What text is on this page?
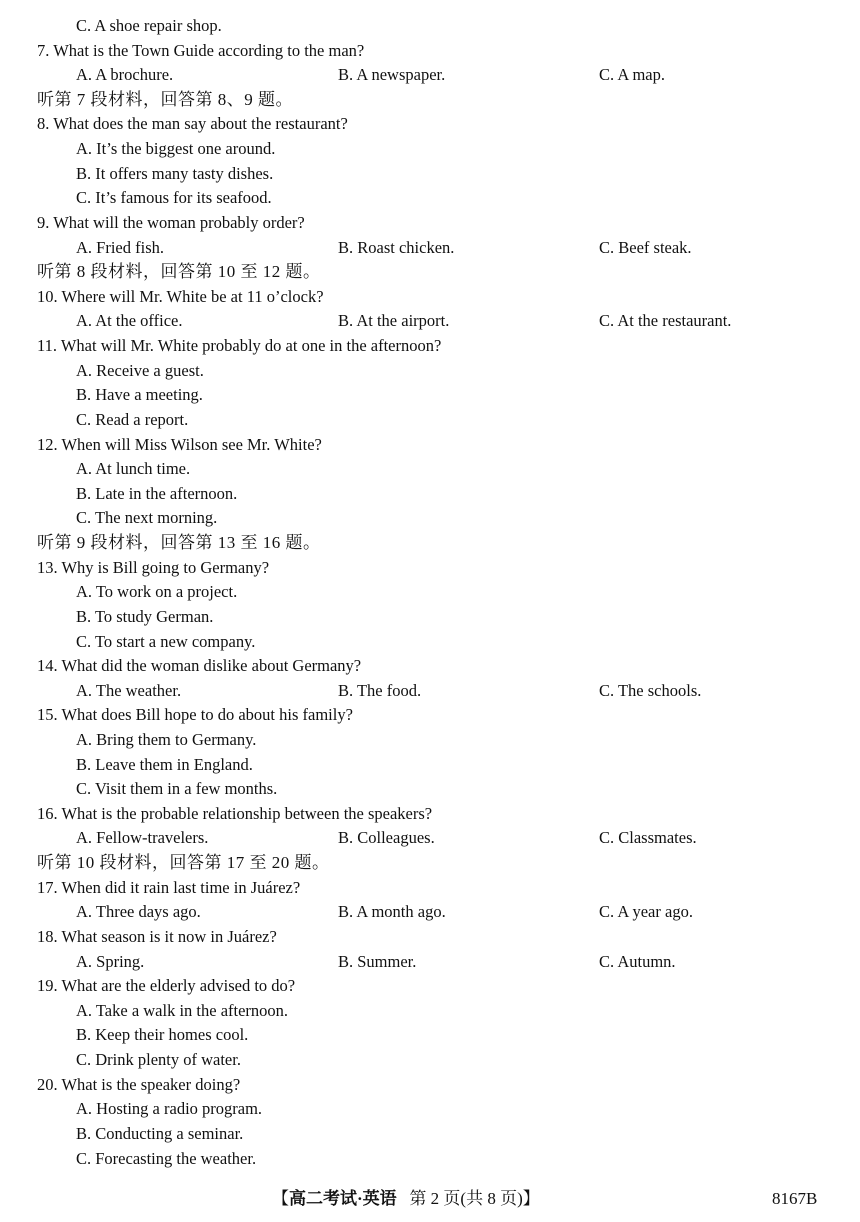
C. A shoe repair shop.
7. What is the Town Guide according to the man?
A. A brochure.	B. A newspaper.	C. A map.
听第 7 段材料，回答第 8、9 题。
8. What does the man say about the restaurant?
A. It’s the biggest one around.
B. It offers many tasty dishes.
C. It’s famous for its seafood.
9. What will the woman probably order?
A. Fried fish.	B. Roast chicken.	C. Beef steak.
听第 8 段材料，回答第 10 至 12 题。
10. Where will Mr. White be at 11 o’clock?
A. At the office.	B. At the airport.	C. At the restaurant.
11. What will Mr. White probably do at one in the afternoon?
A. Receive a guest.
B. Have a meeting.
C. Read a report.
12. When will Miss Wilson see Mr. White?
A. At lunch time.
B. Late in the afternoon.
C. The next morning.
听第 9 段材料，回答第 13 至 16 题。
13. Why is Bill going to Germany?
A. To work on a project.
B. To study German.
C. To start a new company.
14. What did the woman dislike about Germany?
A. The weather.	B. The food.	C. The schools.
15. What does Bill hope to do about his family?
A. Bring them to Germany.
B. Leave them in England.
C. Visit them in a few months.
16. What is the probable relationship between the speakers?
A. Fellow-travelers.	B. Colleagues.	C. Classmates.
听第 10 段材料，回答第 17 至 20 题。
17. When did it rain last time in Juárez?
A. Three days ago.	B. A month ago.	C. A year ago.
18. What season is it now in Juárez?
A. Spring.	B. Summer.	C. Autumn.
19. What are the elderly advised to do?
A. Take a walk in the afternoon.
B. Keep their homes cool.
C. Drink plenty of water.
20. What is the speaker doing?
A. Hosting a radio program.
B. Conducting a seminar.
C. Forecasting the weather.
【高二考试·英语 第 2 页(共 8 页)】	8167B
